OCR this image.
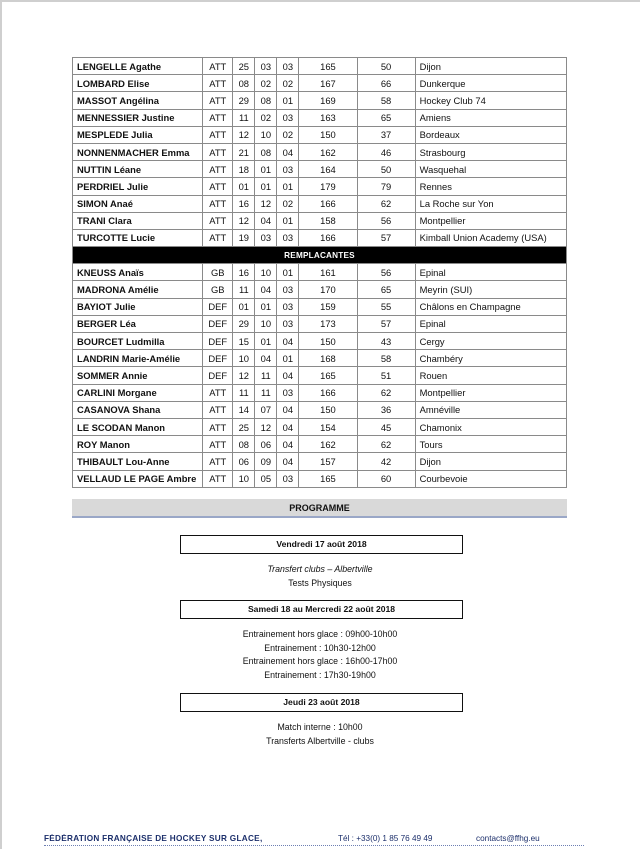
LENGELLE Agathe	ATT	25	03	03	165	50	Dijon
LOMBARD Elise	ATT	08	02	02	167	66	Dunkerque
MASSOT Angélina	ATT	29	08	01	169	58	Hockey Club 74
MENNESSIER Justine	ATT	11	02	03	163	65	Amiens
MESPLEDE Julia	ATT	12	10	02	150	37	Bordeaux
NONNENMACHER Emma	ATT	21	08	04	162	46	Strasbourg
NUTTIN Léane	ATT	18	01	03	164	50	Wasquehal
PERDRIEL Julie	ATT	01	01	01	179	79	Rennes
SIMON Anaé	ATT	16	12	02	166	62	La Roche sur Yon
TRANI Clara	ATT	12	04	01	158	56	Montpellier
TURCOTTE Lucie	ATT	19	03	03	166	57	Kimball Union Academy (USA)
REMPLACANTES							
KNEUSS Anaïs	GB	16	10	01	161	56	Epinal
MADRONA Amélie	GB	11	04	03	170	65	Meyrin (SUI)
BAYIOT Julie	DEF	01	01	03	159	55	Châlons en Champagne
BERGER Léa	DEF	29	10	03	173	57	Epinal
BOURCET Ludmilla	DEF	15	01	04	150	43	Cergy
LANDRIN Marie-Amélie	DEF	10	04	01	168	58	Chambéry
SOMMER Annie	DEF	12	11	04	165	51	Rouen
CARLINI Morgane	ATT	11	11	03	166	62	Montpellier
CASANOVA Shana	ATT	14	07	04	150	36	Amnéville
LE SCODAN Manon	ATT	25	12	04	154	45	Chamonix
ROY Manon	ATT	08	06	04	162	62	Tours
THIBAULT Lou-Anne	ATT	06	09	04	157	42	Dijon
VELLAUD LE PAGE Ambre	ATT	10	05	03	165	60	Courbevoie
PROGRAMME
Vendredi 17 août 2018
Transfert clubs – Albertville
Tests Physiques
Samedi 18 au Mercredi 22 août 2018
Entrainement hors glace : 09h00-10h00
Entrainement : 10h30-12h00
Entrainement hors glace : 16h00-17h00
Entrainement : 17h30-19h00
Jeudi 23 août 2018
Match interne : 10h00
Transferts Albertville - clubs
FÉDÉRATION FRANÇAISE DE HOCKEY SUR GLACE,	Tél : +33(0) 1 85 76 49 49	contacts@ffhg.eu
